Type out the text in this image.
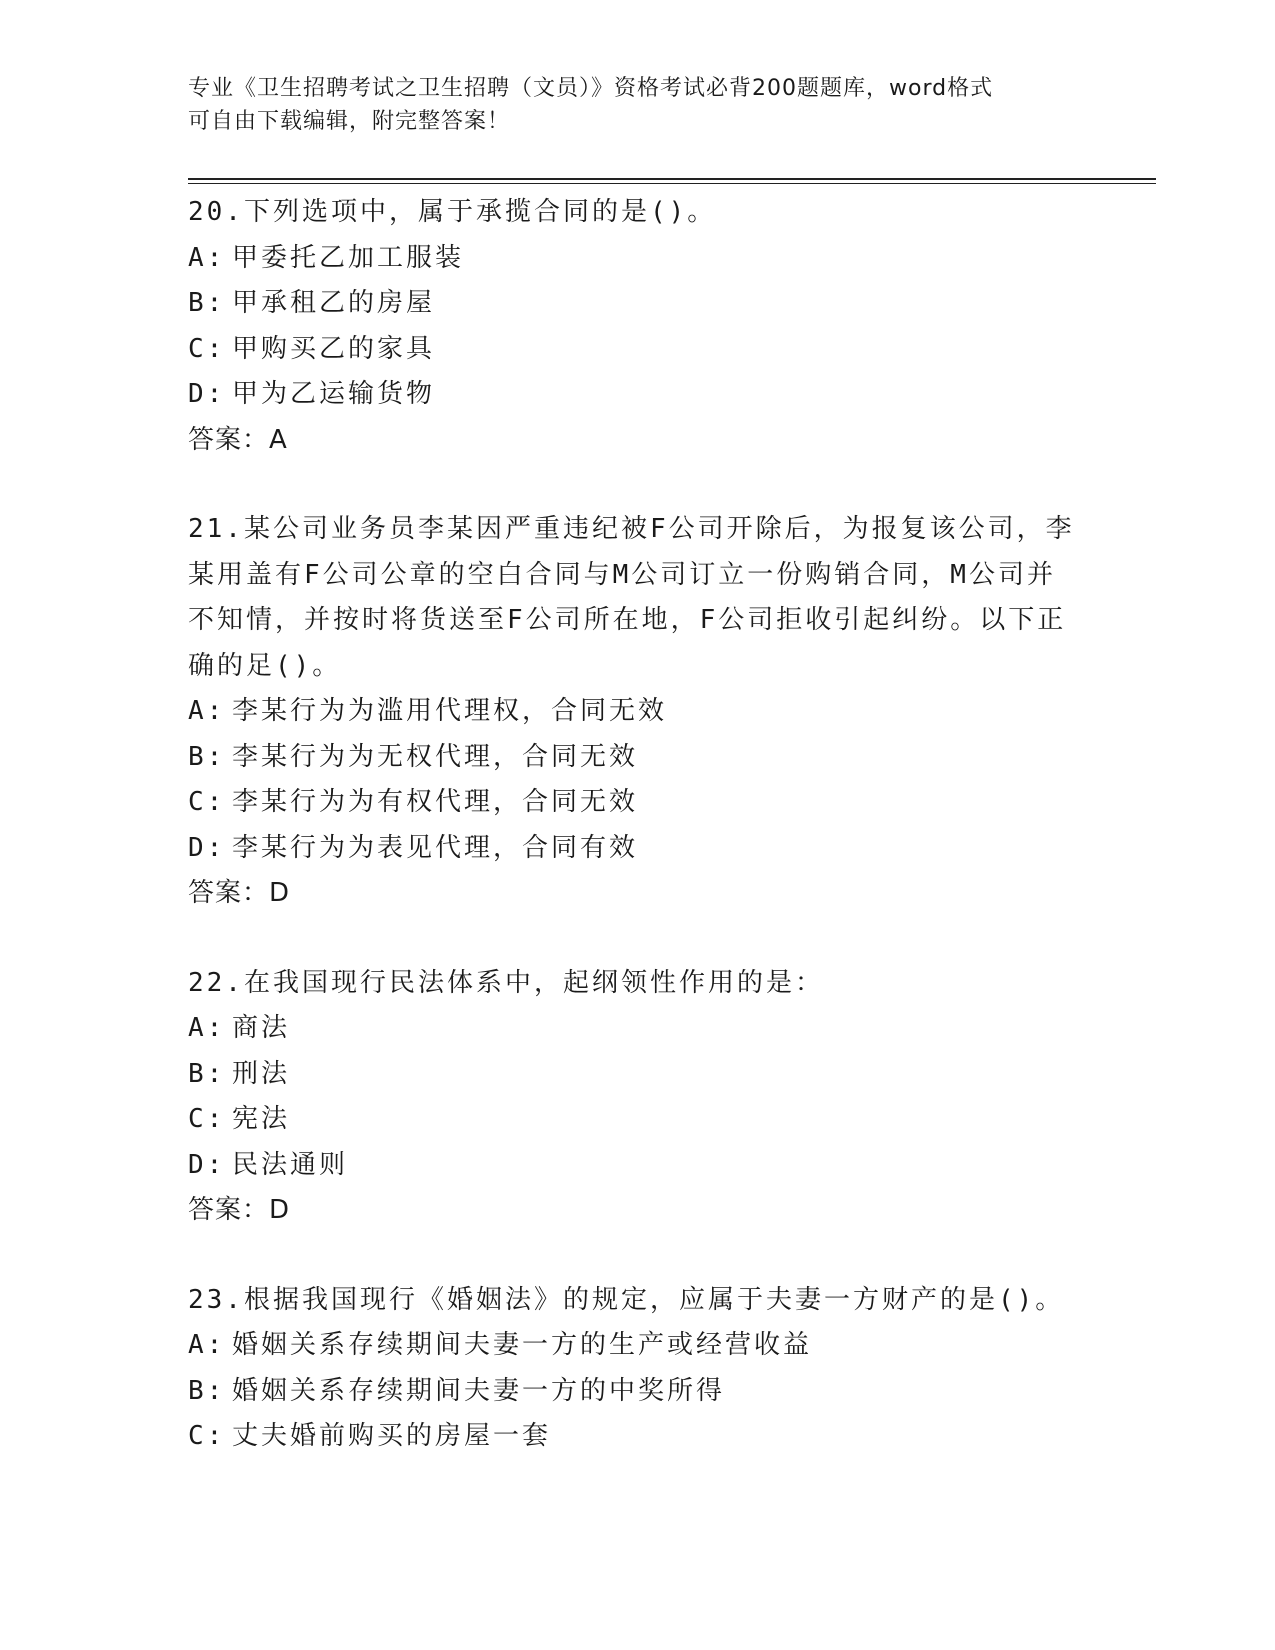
专业《卫生招聘考试之卫生招聘（文员）》资格考试必背200题题库，word格式
可自由下载编辑，附完整答案！
20.下列选项中，属于承揽合同的是()。
A: 甲委托乙加工服装
B: 甲承租乙的房屋
C: 甲购买乙的家具
D: 甲为乙运输货物
答案：A
21.某公司业务员李某因严重违纪被F公司开除后，为报复该公司，李
某用盖有F公司公章的空白合同与M公司订立一份购销合同，M公司并
不知情，并按时将货送至F公司所在地，F公司拒收引起纠纷。以下正
确的足()。
A: 李某行为为滥用代理权，合同无效
B: 李某行为为无权代理，合同无效
C: 李某行为为有权代理，合同无效
D: 李某行为为表见代理，合同有效
答案：D
22.在我国现行民法体系中，起纲领性作用的是：
A: 商法
B: 刑法
C: 宪法
D: 民法通则
答案：D
23.根据我国现行《婚姻法》的规定，应属于夫妻一方财产的是()。
A: 婚姻关系存续期间夫妻一方的生产或经营收益
B: 婚姻关系存续期间夫妻一方的中奖所得
C: 丈夫婚前购买的房屋一套
